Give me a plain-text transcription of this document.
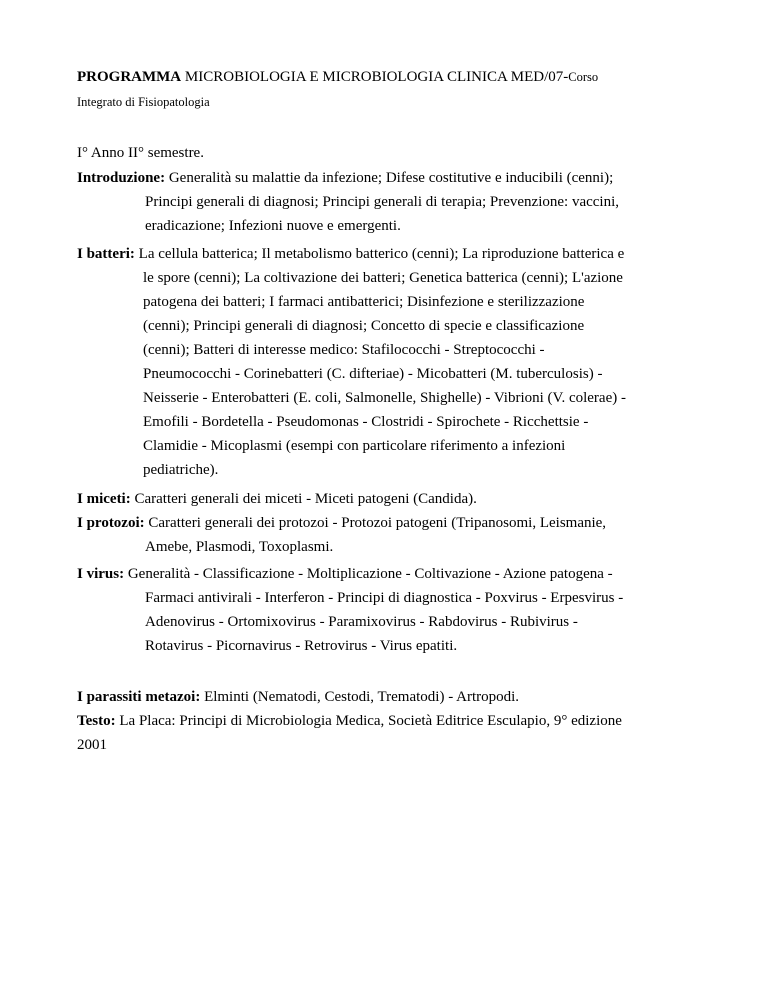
PROGRAMMA MICROBIOLOGIA E MICROBIOLOGIA CLINICA MED/07-Corso
Integrato di Fisiopatologia
I° Anno II° semestre.
Introduzione: Generalità su malattie da infezione; Difese costitutive e inducibili (cenni);
Principi generali di diagnosi; Principi generali di terapia; Prevenzione: vaccini,
eradicazione; Infezioni nuove e emergenti.
I batteri: La cellula batterica; Il metabolismo batterico (cenni); La riproduzione batterica e
le spore (cenni); La coltivazione dei batteri; Genetica batterica (cenni); L'azione
patogena dei batteri; I farmaci antibatterici; Disinfezione e sterilizzazione
(cenni); Principi generali di diagnosi; Concetto di specie e classificazione
(cenni); Batteri di interesse medico: Stafilococchi - Streptococchi -
Pneumococchi - Corinebatteri (C. difteriae) - Micobatteri (M. tuberculosis) -
Neisserie - Enterobatteri (E. coli, Salmonelle, Shighelle) - Vibrioni (V. colerae) -
Emofili - Bordetella - Pseudomonas - Clostridi - Spirochete - Ricchettsie -
Clamidie - Micoplasmi (esempi con particolare riferimento a infezioni
pediatriche).
I miceti: Caratteri generali dei miceti - Miceti patogeni (Candida).
I protozoi: Caratteri generali dei protozoi - Protozoi patogeni (Tripanosomi, Leismanie,
Amebe, Plasmodi, Toxoplasmi.
I virus: Generalità - Classificazione - Moltiplicazione - Coltivazione - Azione patogena -
Farmaci antivirali - Interferon - Principi di diagnostica - Poxvirus - Erpesvirus -
Adenovirus - Ortomixovirus - Paramixovirus - Rabdovirus - Rubivirus -
Rotavirus - Picornavirus - Retrovirus - Virus epatiti.
I parassiti metazoi: Elminti (Nematodi, Cestodi, Trematodi) - Artropodi.
Testo: La Placa: Principi di Microbiologia Medica, Società Editrice Esculapio, 9° edizione
2001
